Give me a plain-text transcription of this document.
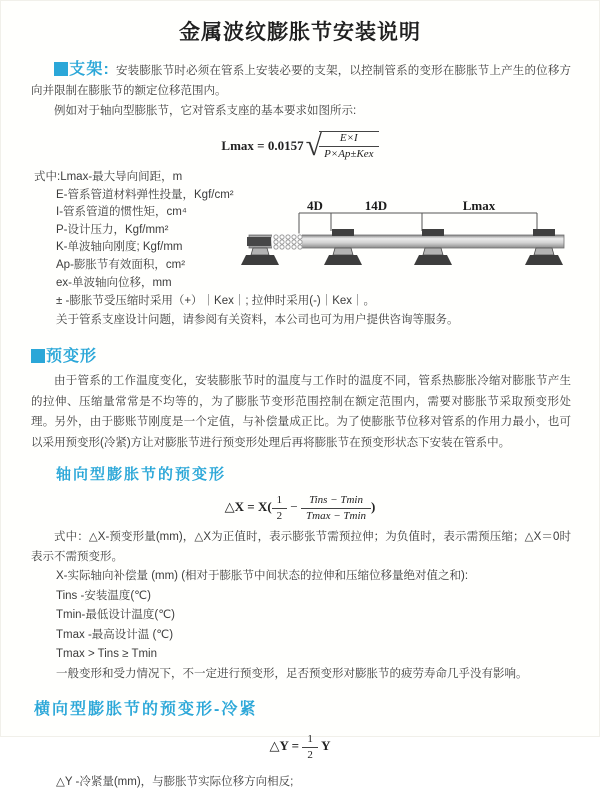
金属波纹膨胀节安装说明

支架: 安装膨胀节时必须在管系上安装必要的支架，以控制管系的变形在膨胀节上产生的位移方向并限制在膨胀节的额定位移范围内。

例如对于轴向型膨胀节，它对管系支座的基本要求如图所示:

Lmax = 0.0157√
$\frac{E\times I}{\text{P×Ap±Kex}}$

式中:Lmax-最大导向间距，m

E-管系管道材料弹性投量，Kgf/cm²

I-管系管道的惯性矩，cm⁴

P-设计压力，Kgf/mm²

K-单波轴向刚度; Kgf/mm

Ap-膨胀节有效面积，cm²

ex-单波轴向位移，mm

4D	14D	Lmax

± -膨胀节受压缩时采用（+）｜Kex｜; 拉伸时采用(-)｜Kex｜。

关于管系支座设计问题，请参阅有关资料，本公司也可为用户提供咨询等服务。

预变形

由于管系的工作温度变化，安装膨胀节时的温度与工作时的温度不同，管系热膨胀冷缩对膨胀节产生的拉伸、压缩量常常是不均等的，为了膨胀节变形范围控制在额定范围内，需要对膨胀节采取预变形处理。另外，由于膨账节刚度是一个定值，与补偿量成正比。为了使膨胀节位移对管系的作用力最小，也可以采用预变形(冷紧)方让对膨胀节进行预变形处理后再将膨胀节在预变形状态下安装在管系中。

轴向型膨胀节的预变形
△X = $X( \frac{1}{2} - \frac{\text{Tins − Tmin}}{Tmax - Tmin}$ )

式中：△X-预变形量(mm)，△X为正值时，表示膨张节需预拉伸；为负值时，表示需预压缩；△X＝0时表示不需预变形。

X-实际轴向补偿量 (mm) (相对于膨胀节中间状态的拉伸和压缩位移量绝对值之和):

Tins -安装温度(℃)

Tmin-最低设计温度(℃)

Tmax -最高设计温 (℃)

Tmax > Tins ≥ Tmin

一般变形和受力情况下，不一定进行预变形，足否预变形对膨胀节的疲劳寿命几乎没有影响。

横向型膨胀节的预变形-冷紧
△Y = $\frac{1}{2}$ Y

△Y -冷紧量(mm)，与膨胀节实际位移方向相反;
